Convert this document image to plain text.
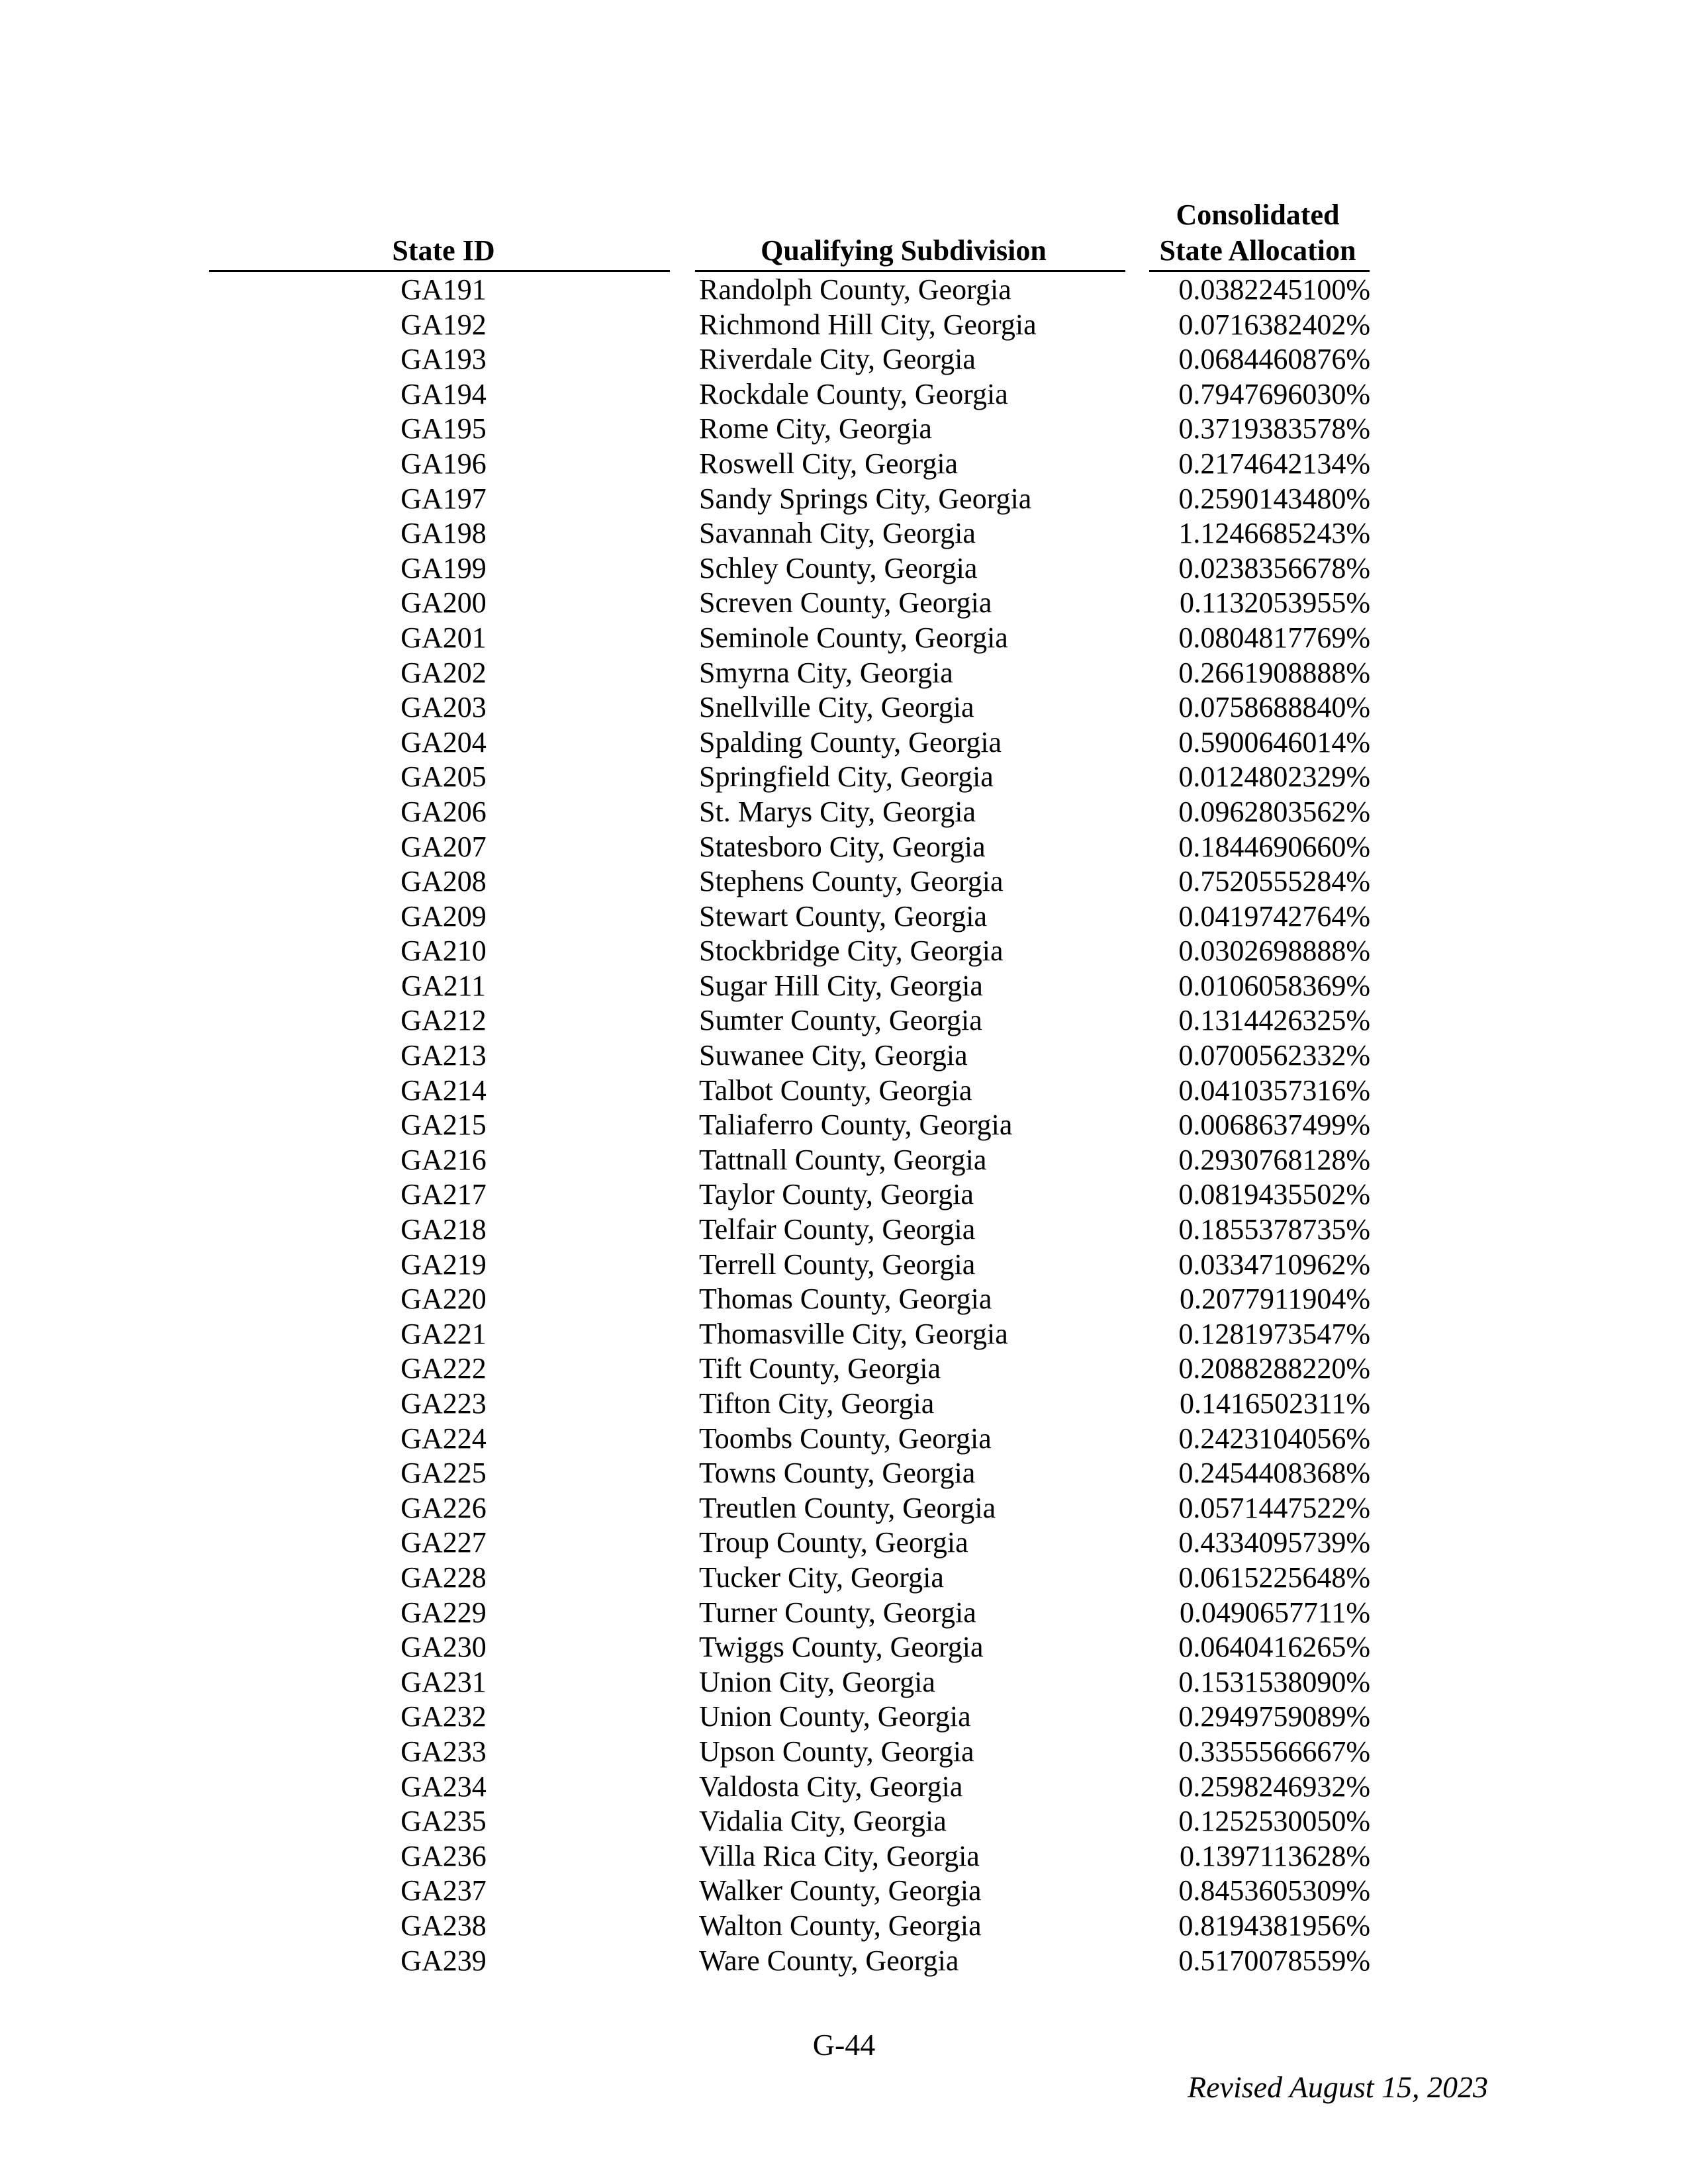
State ID	Qualifying Subdivision
Consolidated
State Allocation
GA191	Randolph County, Georgia	0.0382245100%
GA192	Richmond Hill City, Georgia	0.0716382402%
GA193	Riverdale City, Georgia	0.0684460876%
GA194	Rockdale County, Georgia	0.7947696030%
GA195	Rome City, Georgia	0.3719383578%
GA196	Roswell City, Georgia	0.2174642134%
GA197	Sandy Springs City, Georgia	0.2590143480%
GA198	Savannah City, Georgia	1.1246685243%
GA199	Schley County, Georgia	0.0238356678%
GA200	Screven County, Georgia	0.1132053955%
GA201	Seminole County, Georgia	0.0804817769%
GA202	Smyrna City, Georgia	0.2661908888%
GA203	Snellville City, Georgia	0.0758688840%
GA204	Spalding County, Georgia	0.5900646014%
GA205	Springfield City, Georgia	0.0124802329%
GA206	St. Marys City, Georgia	0.0962803562%
GA207	Statesboro City, Georgia	0.1844690660%
GA208	Stephens County, Georgia	0.7520555284%
GA209	Stewart County, Georgia	0.0419742764%
GA210	Stockbridge City, Georgia	0.0302698888%
GA211	Sugar Hill City, Georgia	0.0106058369%
GA212	Sumter County, Georgia	0.1314426325%
GA213	Suwanee City, Georgia	0.0700562332%
GA214	Talbot County, Georgia	0.0410357316%
GA215	Taliaferro County, Georgia	0.0068637499%
GA216	Tattnall County, Georgia	0.2930768128%
GA217	Taylor County, Georgia	0.0819435502%
GA218	Telfair County, Georgia	0.1855378735%
GA219	Terrell County, Georgia	0.0334710962%
GA220	Thomas County, Georgia	0.2077911904%
GA221	Thomasville City, Georgia	0.1281973547%
GA222	Tift County, Georgia	0.2088288220%
GA223	Tifton City, Georgia	0.1416502311%
GA224	Toombs County, Georgia	0.2423104056%
GA225	Towns County, Georgia	0.2454408368%
GA226	Treutlen County, Georgia	0.0571447522%
GA227	Troup County, Georgia	0.4334095739%
GA228	Tucker City, Georgia	0.0615225648%
GA229	Turner County, Georgia	0.0490657711%
GA230	Twiggs County, Georgia	0.0640416265%
GA231	Union City, Georgia	0.1531538090%
GA232	Union County, Georgia	0.2949759089%
GA233	Upson County, Georgia	0.3355566667%
GA234	Valdosta City, Georgia	0.2598246932%
GA235	Vidalia City, Georgia	0.1252530050%
GA236	Villa Rica City, Georgia	0.1397113628%
GA237	Walker County, Georgia	0.8453605309%
GA238	Walton County, Georgia	0.8194381956%
GA239	Ware County, Georgia	0.5170078559%
G-44
Revised August 15, 2023
